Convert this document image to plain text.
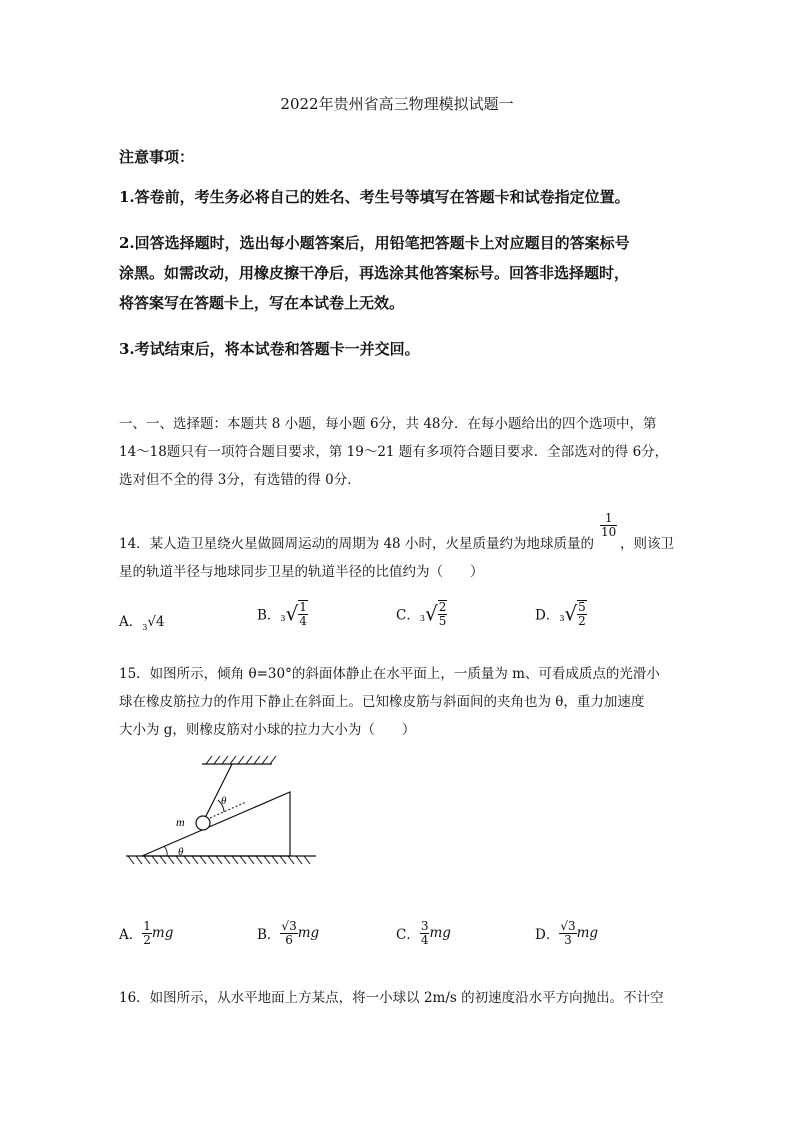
2022年贵州省高三物理模拟试题一
注意事项：
1.答卷前，考生务必将自己的姓名、考生号等填写在答题卡和试卷指定位置。
2.回答选择题时，选出每小题答案后，用铅笔把答题卡上对应题目的答案标号
涂黑。如需改动，用橡皮擦干净后，再选涂其他答案标号。回答非选择题时，
将答案写在答题卡上，写在本试卷上无效。
3.考试结束后，将本试卷和答题卡一并交回。
一、一、选择题：本题共 8 小题，每小题 6分，共 48分．在每小题给出的四个选项中，第
14～18题只有一项符合题目要求，第 19～21 题有多项符合题目要求．全部选对的得 6分，
选对但不全的得 3分，有选错的得 0分．
14．某人造卫星绕火星做圆周运动的周期为 48 小时，火星质量约为地球质量的
$\frac{1}{10}$
，则该卫
星的轨道半径与地球同步卫星的轨道半径的比值约为（　　）
A．$_3$√4	B．$_3√ \frac{1}{4}$	C．$_3√ \frac{2}{5}$	D．$_3√ \frac{5}{2}$
15．如图所示，倾角 θ=30°的斜面体静止在水平面上，一质量为 m、可看成质点的光滑小
球在橡皮筋拉力的作用下静止在斜面上。已知橡皮筋与斜面间的夹角也为 θ，重力加速度
大小为 g，则橡皮筋对小球的拉力大小为（　　）
m
θ
θ
A． $\frac{1}{2}$ mg	B． $\frac{√3}{6}$ mg	C． $\frac{3}{4}$ mg	D． $\frac{√3}{3}$ mg
16．如图所示，从水平地面上方某点，将一小球以 2m/s 的初速度沿水平方向抛出。不计空
